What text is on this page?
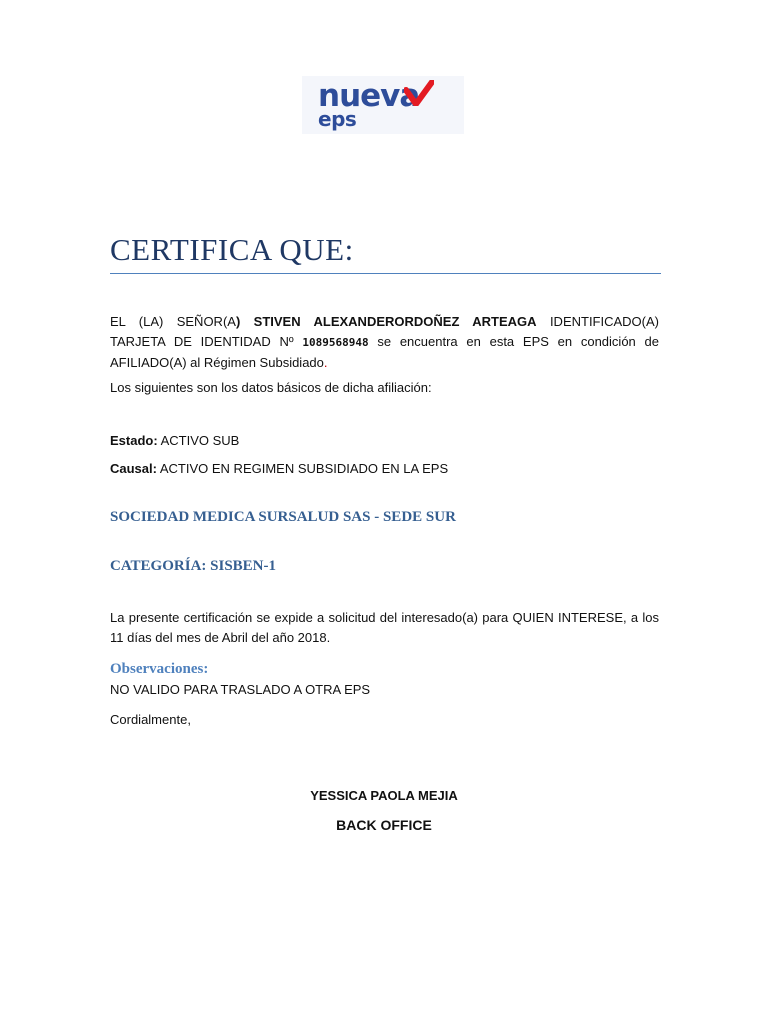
nueva
eps
CERTIFICA QUE:
EL (LA) SEÑOR(A) STIVEN ALEXANDERORDOÑEZ ARTEAGA IDENTIFICADO(A) TARJETA DE IDENTIDAD Nº 1089568948 se encuentra en esta EPS en condición de AFILIADO(A) al Régimen Subsidiado.
Los siguientes son los datos básicos de dicha afiliación:
Estado: ACTIVO SUB
Causal: ACTIVO EN REGIMEN SUBSIDIADO EN LA EPS
SOCIEDAD MEDICA SURSALUD SAS - SEDE SUR
CATEGORÍA: SISBEN-1
La presente certificación se expide a solicitud del interesado(a) para QUIEN INTERESE, a los 11 días del mes de Abril del año 2018.
Observaciones:
NO VALIDO PARA TRASLADO A OTRA EPS
Cordialmente,
YESSICA PAOLA MEJIA
BACK OFFICE
